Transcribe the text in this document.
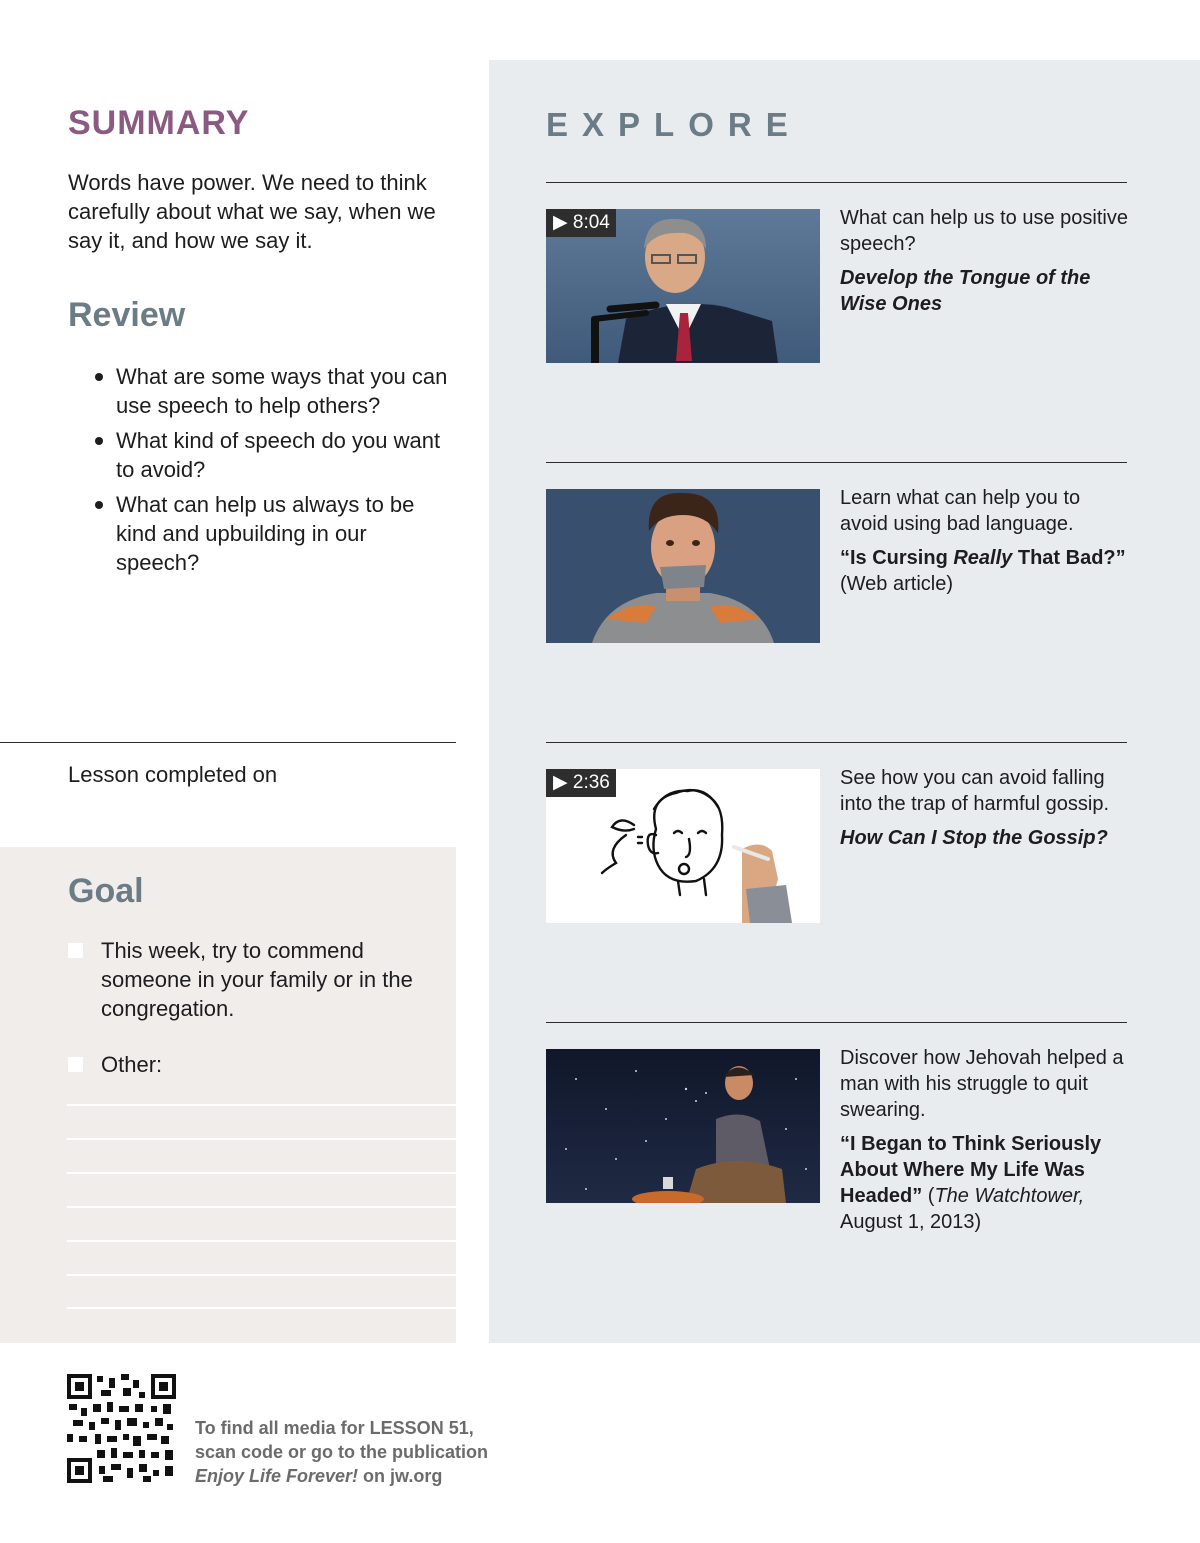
SUMMARY
Words have power. We need to think carefully about what we say, when we say it, and how we say it.
Review
What are some ways that you can use speech to help others?
What kind of speech do you want to avoid?
What can help us always to be kind and upbuilding in our speech?
Lesson completed on
Goal
This week, try to commend someone in your family or in the congregation.
Other:
EXPLORE
▶ 8:04	What can help us to use positive speech?
Develop the Tongue of the Wise Ones
Learn what can help you to avoid using bad language.
“Is Cursing Really That Bad?”
(Web article)
▶ 2:36	See how you can avoid falling into the trap of harmful gossip.
How Can I Stop the Gossip?
Discover how Jehovah helped a man with his struggle to quit swearing.
“I Began to Think Seriously About Where My Life Was Headed” (The Watchtower, August 1, 2013)
To find all media for LESSON 51,
scan code or go to the publication
Enjoy Life Forever! on jw.org
